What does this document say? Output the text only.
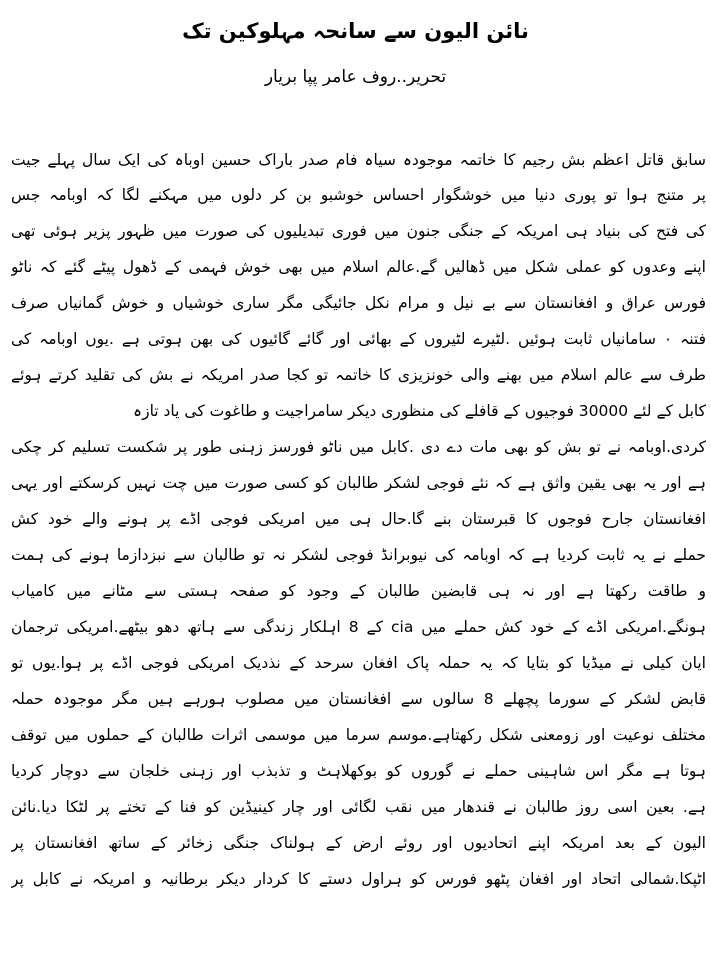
نائن الیون سے سانحہ مہلوکین تک
تحریر..روف عامر پپا بریار
سابق قاتل اعظم بش رجیم کا خاتمہ موجودہ سیاہ فام صدر باراک حسین اوباہ کی ایک سال پہلے جیت
پر متنج ہوا تو پوری دنیا میں خوشگوار احساس خوشبو بن کر دلوں میں مہکنے لگا کہ اوبامہ جس
کی فتح کی بنیاد ہی امریکہ کے جنگی جنون میں فوری تبدیلیوں کی صورت میں ظہور پزیر ہوئی تھی
اپنے وعدوں کو عملی شکل میں ڈھالیں گے.عالم اسلام میں بھی خوش فہمی کے ڈھول پیٹے گئے کہ ناٹو
فورس عراق و افغانستان سے بے نیل و مرام نکل جائیگی مگر ساری خوشیاں و خوش گمانیاں صرف
فتنہ ٠ سامانیاں ثابت ہوئیں .لٹیرے لٹیروں کے بھائی اور گائے گائیوں کی بھن ہوتی ہے .یوں اوبامہ کی
طرف سے عالم اسلام میں بھنے والی خونزیزی کا خاتمہ تو کجا صدر امریکہ نے بش کی تقلید کرتے ہوئے
کابل کے لئے 30000 فوجیوں کے قافلے کی منظوری دیکر سامراجیت و طاغوت کی یاد تازہ
کردی.اوبامہ نے تو بش کو بھی مات دے دی .کابل میں ناٹو فورسز زہنی طور پر شکست تسلیم کر چکی
ہے اور یہ بھی یقین واثق ہے کہ نئے فوجی لشکر طالبان کو کسی صورت میں چت نہیں کرسکتے اور یہی
افغانستان جارح فوجوں کا قبرستان بنے گا.حال ہی میں امریکی فوجی اڈے پر ہونے والے خود کش
حملے نے یہ ثابت کردیا ہے کہ اوبامہ کی نیوبرانڈ فوجی لشکر نہ تو طالبان سے نبزدازما ہونے کی ہمت
و طاقت رکھتا ہے اور نہ ہی قابضین طالبان کے وجود کو صفحہ ہستی سے مٹانے میں کامیاب
ہونگے.امریکی اڈے کے خود کش حملے میں cia کے 8 اہلکار زندگی سے ہاتھ دھو بیٹھے.امریکی ترجمان
ایان کیلی نے میڈیا کو بتایا کہ یہ حملہ پاک افغان سرحد کے نذدیک امریکی فوجی اڈے پر ہوا.یوں تو
قابض لشکر کے سورما پچھلے 8 سالوں سے افغانستان میں مصلوب ہورہے ہیں مگر موجودہ حملہ
مختلف نوعیت اور زومعنی شکل رکھتاہے.موسم سرما میں موسمی اثرات طالبان کے حملوں میں توقف
ہوتا ہے مگر اس شاہینی حملے نے گوروں کو بوکھلاہٹ و تذبذب اور زہنی خلجان سے دوچار کردیا
ہے. بعین اسی روز طالبان نے قندھار میں نقب لگائی اور چار کینیڈین کو فنا کے تختے پر لٹکا دیا.نائن
الیون کے بعد امریکہ اپنے اتحادیوں اور روئے ارض کے ہولناک جنگی زخائر کے ساتھ افغانستان پر
اٹپکا.شمالی اتحاد اور افغان پٹھو فورس کو ہراول دستے کا کردار دیکر برطانیہ و امریکہ نے کابل پر
